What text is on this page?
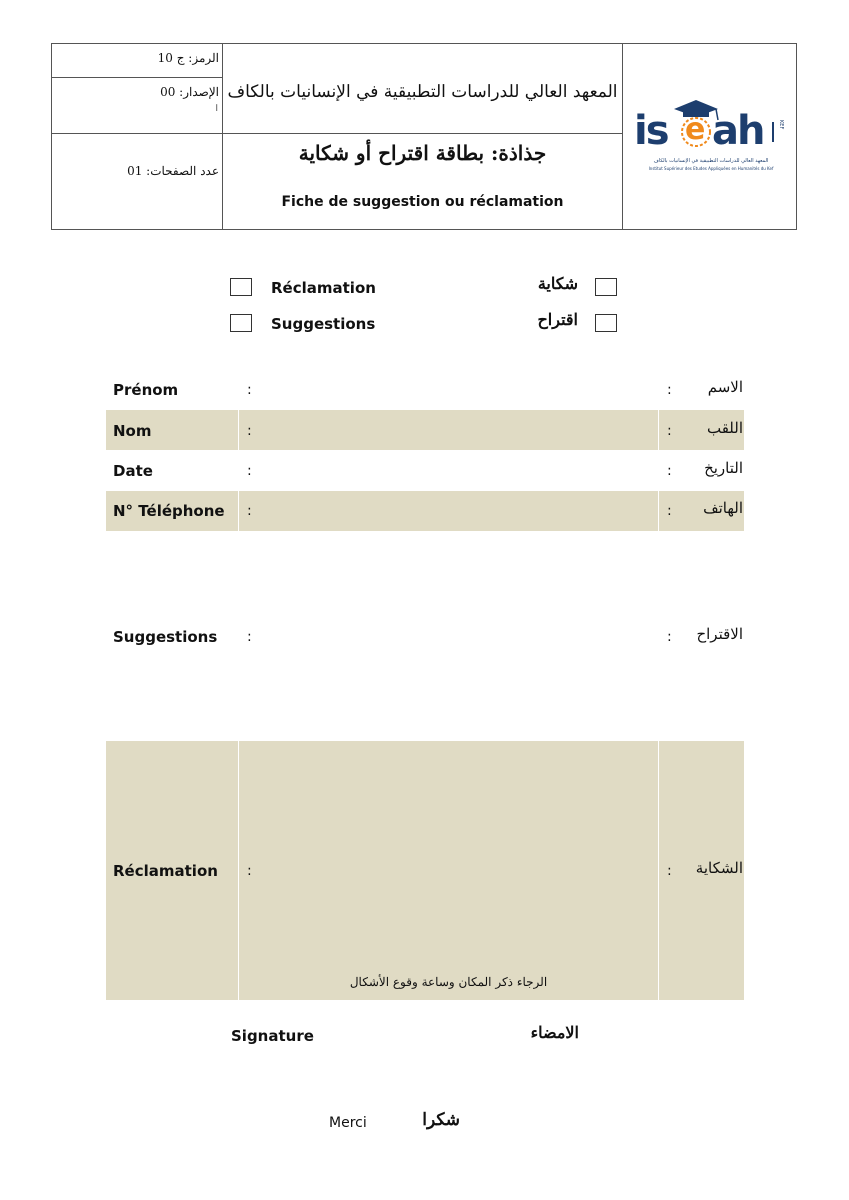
الرمز: ج 10
الإصدار: 00
ا
عدد الصفحات: 01
المعهد العالي للدراسات التطبيقية في الإنسانيات بالكاف
جذاذة: بطاقة اقتراح أو شكاية
Fiche de suggestion ou réclamation
is e ah	KEF
المعهد العالي للدراسات التطبيقية في الإنسانيات بالكاف
Institut Supérieur des Etudes Appliquées en Humanités du Kef
Réclamation	شكاية
Suggestions	اقتراح
Prénom	:	: الاسم
Nom	:	: اللقب
Date	:	: التاريخ
N° Téléphone :	: الهاتف
Suggestions :	: الاقتراح
Réclamation :	: الشكاية
الرجاء ذكر المكان وساعة وقوع الأشكال
Signature	الامضاء
Merci	شكرا
